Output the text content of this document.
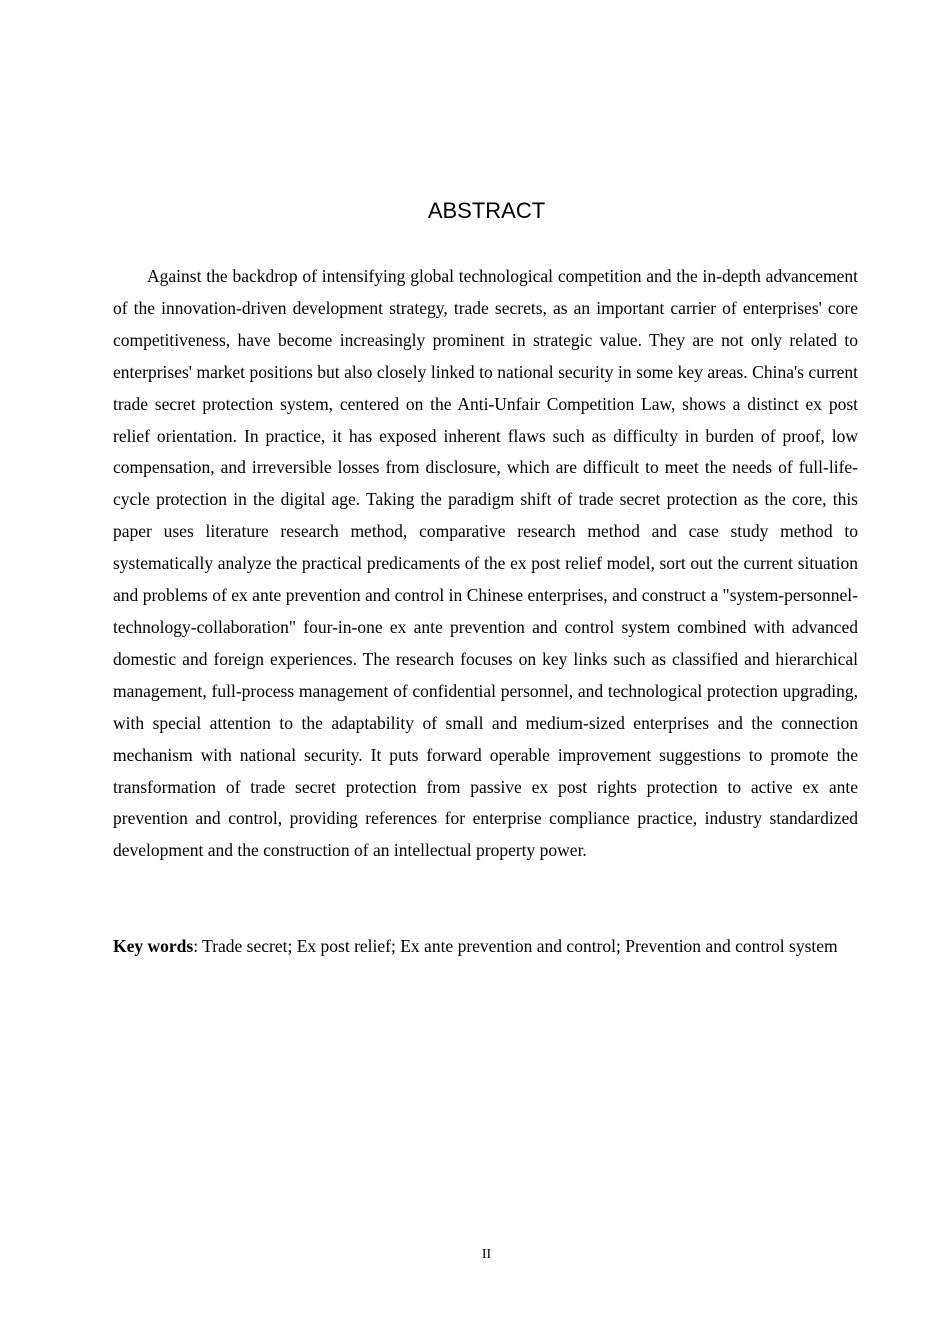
ABSTRACT

Against the backdrop of intensifying global technological competition and the in-depth advancement of the innovation-driven development strategy, trade secrets, as an important carrier of enterprises' core competitiveness, have become increasingly prominent in strategic value. They are not only related to enterprises' market positions but also closely linked to national security in some key areas. China's current trade secret protection system, centered on the Anti-Unfair Competition Law, shows a distinct ex post relief orientation. In practice, it has exposed inherent flaws such as difficulty in burden of proof, low compensation, and irreversible losses from disclosure, which are difficult to meet the needs of full-life-cycle protection in the digital age. Taking the paradigm shift of trade secret protection as the core, this paper uses literature research method, comparative research method and case study method to systematically analyze the practical predicaments of the ex post relief model, sort out the current situation and problems of ex ante prevention and control in Chinese enterprises, and construct a "system-personnel-technology-collaboration" four-in-one ex ante prevention and control system combined with advanced domestic and foreign experiences. The research focuses on key links such as classified and hierarchical management, full-process management of confidential personnel, and technological protection upgrading, with special attention to the adaptability of small and medium-sized enterprises and the connection mechanism with national security. It puts forward operable improvement suggestions to promote the transformation of trade secret protection from passive ex post rights protection to active ex ante prevention and control, providing references for enterprise compliance practice, industry standardized development and the construction of an intellectual property power.

Key words: Trade secret; Ex post relief; Ex ante prevention and control; Prevention and control system

II
